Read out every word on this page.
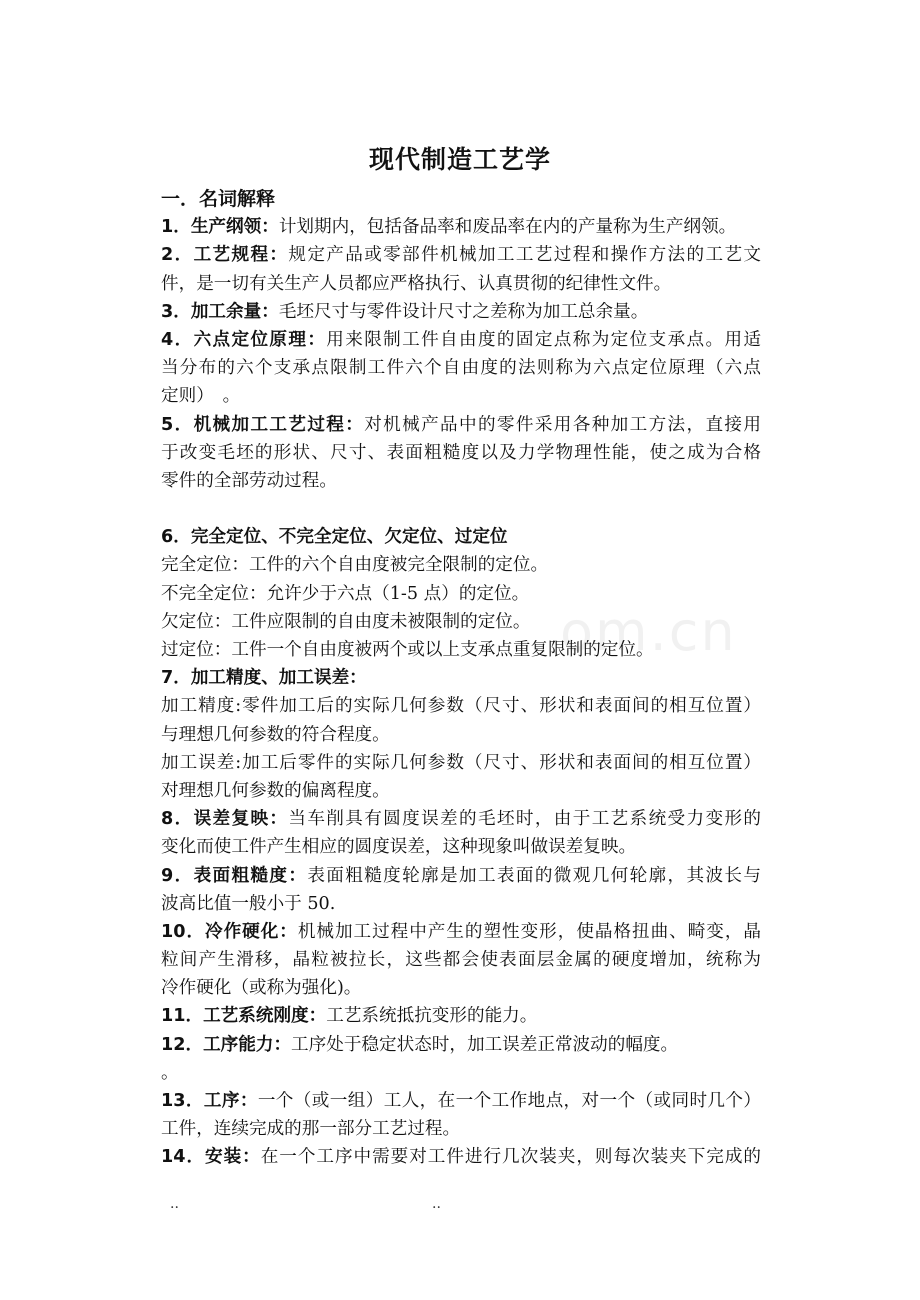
om.cn
现代制造工艺学
一．名词解释
1．生产纲领：计划期内，包括备品率和废品率在内的产量称为生产纲领。
2．工艺规程：规定产品或零部件机械加工工艺过程和操作方法的工艺文
件，是一切有关生产人员都应严格执行、认真贯彻的纪律性文件。
3．加工余量：毛坯尺寸与零件设计尺寸之差称为加工总余量。
4．六点定位原理：用来限制工件自由度的固定点称为定位支承点。用适
当分布的六个支承点限制工件六个自由度的法则称为六点定位原理（六点
定则）　。
5．机械加工工艺过程：对机械产品中的零件采用各种加工方法，直接用
于改变毛坯的形状、尺寸、表面粗糙度以及力学物理性能，使之成为合格
零件的全部劳动过程。
6．完全定位、不完全定位、欠定位、过定位
完全定位：工件的六个自由度被完全限制的定位。
不完全定位：允许少于六点（1-5 点）的定位。
欠定位：工件应限制的自由度未被限制的定位。
过定位：工件一个自由度被两个或以上支承点重复限制的定位。
7．加工精度、加工误差：
加工精度:零件加工后的实际几何参数（尺寸、形状和表面间的相互位置）
与理想几何参数的符合程度。
加工误差:加工后零件的实际几何参数（尺寸、形状和表面间的相互位置）
对理想几何参数的偏离程度。
8．误差复映：当车削具有圆度误差的毛坯时，由于工艺系统受力变形的
变化而使工件产生相应的圆度误差，这种现象叫做误差复映。
9．表面粗糙度：表面粗糙度轮廓是加工表面的微观几何轮廓，其波长与
波高比值一般小于 50.
10．冷作硬化：机械加工过程中产生的塑性变形，使晶格扭曲、畸变，晶
粒间产生滑移，晶粒被拉长，这些都会使表面层金属的硬度增加，统称为
冷作硬化（或称为强化)。
11．工艺系统刚度：工艺系统抵抗变形的能力。
12．工序能力：工序处于稳定状态时，加工误差正常波动的幅度。
。
13．工序：一个（或一组）工人，在一个工作地点，对一个（或同时几个）
工件，连续完成的那一部分工艺过程。
14．安装：在一个工序中需要对工件进行几次装夹，则每次装夹下完成的
..	..
